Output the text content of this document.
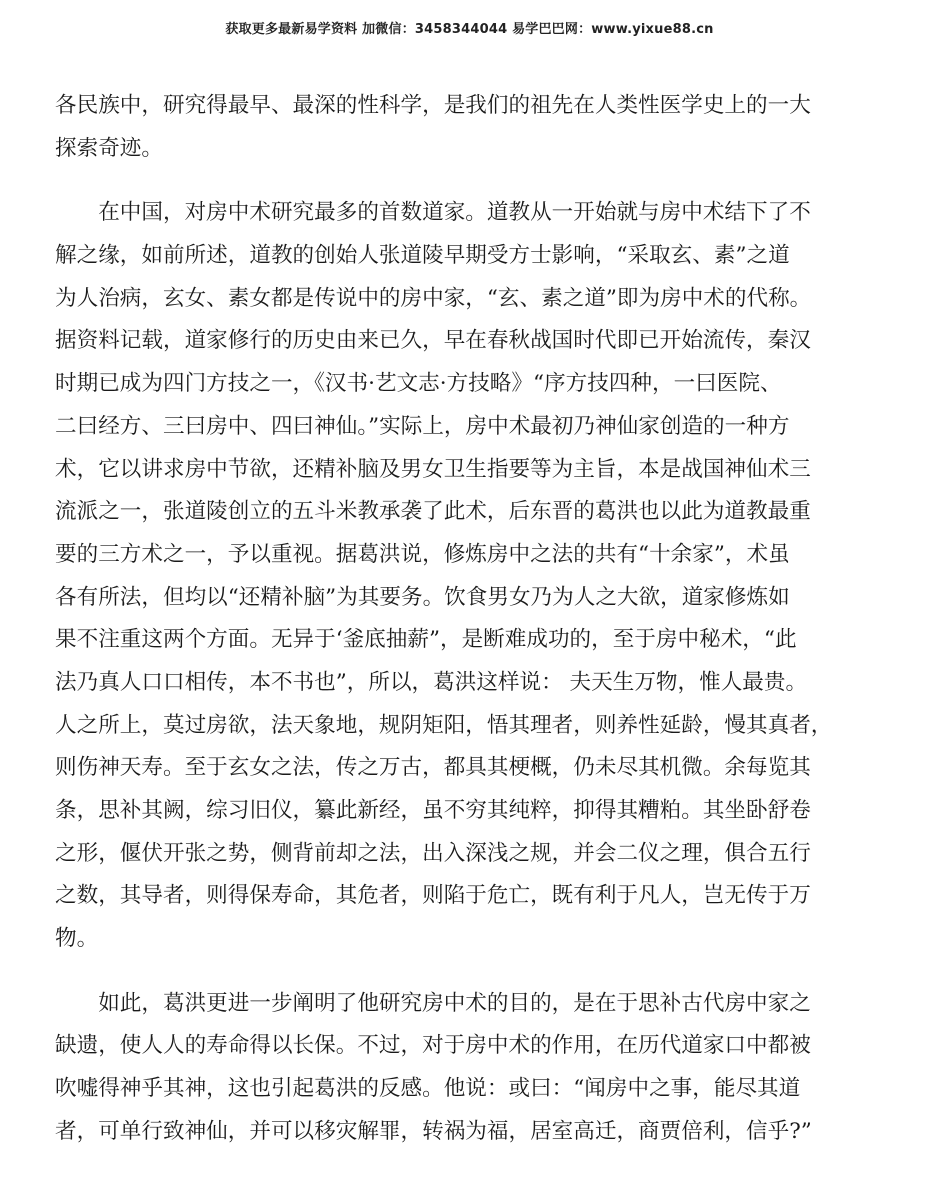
获取更多最新易学资料 加微信：3458344044 易学巴巴网：www.yixue88.cn
各民族中，研究得最早、最深的性科学，是我们的祖先在人类性医学史上的一大
探索奇迹。
　　在中国，对房中术研究最多的首数道家。道教从一开始就与房中术结下了不
解之缘，如前所述，道教的创始人张道陵早期受方士影响，“采取玄、素”之道
为人治病，玄女、素女都是传说中的房中家，“玄、素之道”即为房中术的代称。
据资料记载，道家修行的历史由来已久，早在春秋战国时代即已开始流传，秦汉
时期已成为四门方技之一，《汉书·艺文志·方技略》“序方技四种，一曰医院、
二曰经方、三曰房中、四曰神仙。”实际上，房中术最初乃神仙家创造的一种方
术，它以讲求房中节欲，还精补脑及男女卫生指要等为主旨，本是战国神仙术三
流派之一，张道陵创立的五斗米教承袭了此术，后东晋的葛洪也以此为道教最重
要的三方术之一，予以重视。据葛洪说，修炼房中之法的共有“十余家”，术虽
各有所法，但均以“还精补脑”为其要务。饮食男女乃为人之大欲，道家修炼如
果不注重这两个方面。无异于‘釜底抽薪”，是断难成功的，至于房中秘术，“此
法乃真人口口相传，本不书也”，所以，葛洪这样说： 夫天生万物，惟人最贵。
人之所上，莫过房欲，法天象地，规阴矩阳，悟其理者，则养性延龄，慢其真者，
则伤神天寿。至于玄女之法，传之万古，都具其梗概，仍未尽其机微。余每览其
条，思补其阙，综习旧仪，纂此新经，虽不穷其纯粹，抑得其糟粕。其坐卧舒卷
之形，偃伏开张之势，侧背前却之法，出入深浅之规，并会二仪之理，俱合五行
之数，其导者，则得保寿命，其危者，则陷于危亡，既有利于凡人，岂无传于万
物。
　　如此，葛洪更进一步阐明了他研究房中术的目的，是在于思补古代房中家之
缺遗，使人人的寿命得以长保。不过，对于房中术的作用，在历代道家口中都被
吹嘘得神乎其神，这也引起葛洪的反感。他说：或曰：“闻房中之事，能尽其道
者，可单行致神仙，并可以移灾解罪，转祸为福，居室高迁，商贾倍利，信乎?”
